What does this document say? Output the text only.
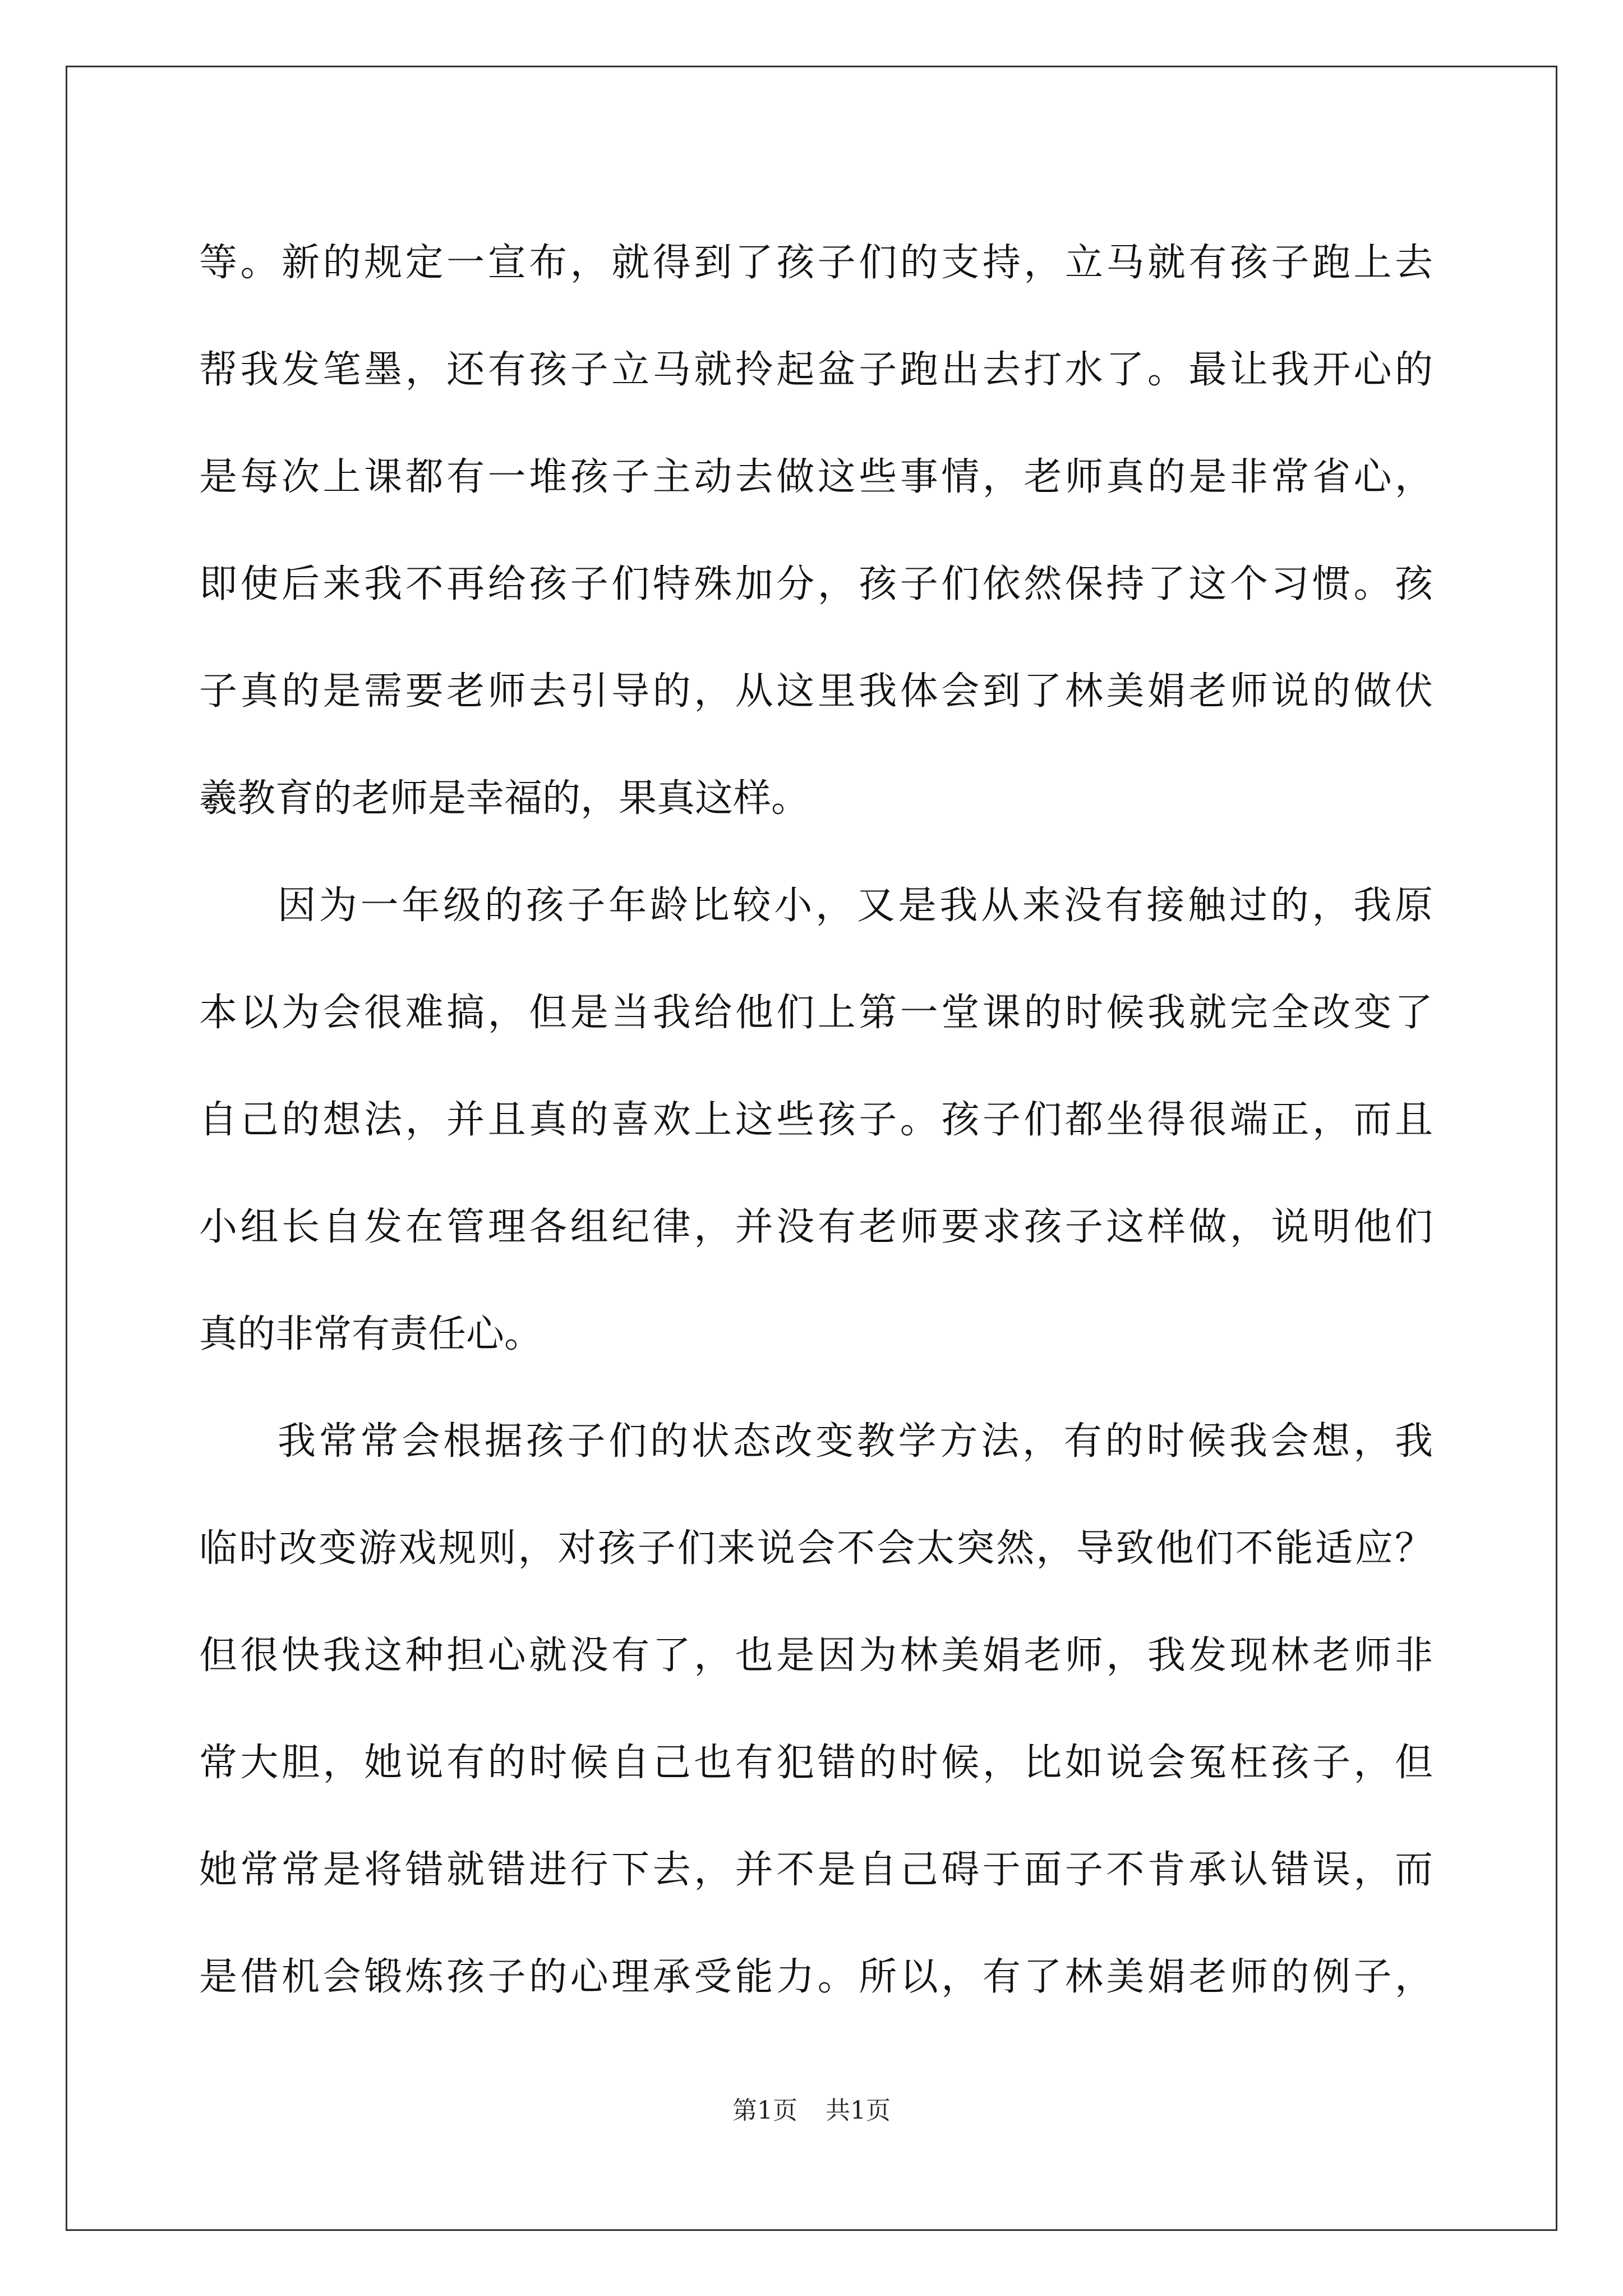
等。新的规定一宣布，就得到了孩子们的支持，立马就有孩子跑上去
帮我发笔墨，还有孩子立马就拎起盆子跑出去打水了。最让我开心的
是每次上课都有一堆孩子主动去做这些事情，老师真的是非常省心，
即使后来我不再给孩子们特殊加分，孩子们依然保持了这个习惯。孩
子真的是需要老师去引导的，从这里我体会到了林美娟老师说的做伏
羲教育的老师是幸福的，果真这样。
因为一年级的孩子年龄比较小，又是我从来没有接触过的，我原
本以为会很难搞，但是当我给他们上第一堂课的时候我就完全改变了
自己的想法，并且真的喜欢上这些孩子。孩子们都坐得很端正，而且
小组长自发在管理各组纪律，并没有老师要求孩子这样做，说明他们
真的非常有责任心。
我常常会根据孩子们的状态改变教学方法，有的时候我会想，我
临时改变游戏规则，对孩子们来说会不会太突然，导致他们不能适应？
但很快我这种担心就没有了，也是因为林美娟老师，我发现林老师非
常大胆，她说有的时候自己也有犯错的时候，比如说会冤枉孩子，但
她常常是将错就错进行下去，并不是自己碍于面子不肯承认错误，而
是借机会锻炼孩子的心理承受能力。所以，有了林美娟老师的例子，
第1页 共1页
